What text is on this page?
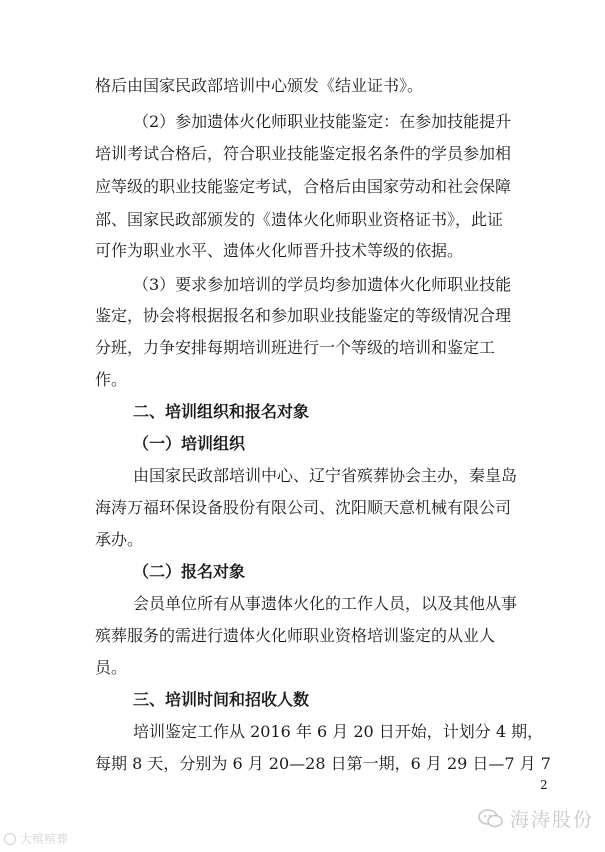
格后由国家民政部培训中心颁发《结业证书》。
（2）参加遗体火化师职业技能鉴定：在参加技能提升
培训考试合格后，符合职业技能鉴定报名条件的学员参加相
应等级的职业技能鉴定考试，合格后由国家劳动和社会保障
部、国家民政部颁发的《遗体火化师职业资格证书》，此证
可作为职业水平、遗体火化师晋升技术等级的依据。
（3）要求参加培训的学员均参加遗体火化师职业技能
鉴定，协会将根据报名和参加职业技能鉴定的等级情况合理
分班，力争安排每期培训班进行一个等级的培训和鉴定工
作。
二、培训组织和报名对象
（一）培训组织
由国家民政部培训中心、辽宁省殡葬协会主办，秦皇岛
海涛万福环保设备股份有限公司、沈阳顺天意机械有限公司
承办。
（二）报名对象
会员单位所有从事遗体火化的工作人员，以及其他从事
殡葬服务的需进行遗体火化师职业资格培训鉴定的从业人
员。
三、培训时间和招收人数
培训鉴定工作从 2016 年 6 月 20 日开始，计划分 4 期，
每期 8 天，分别为 6 月 20—28 日第一期，6 月 29 日—7 月 7
2
海涛股份
大殡殡葬
